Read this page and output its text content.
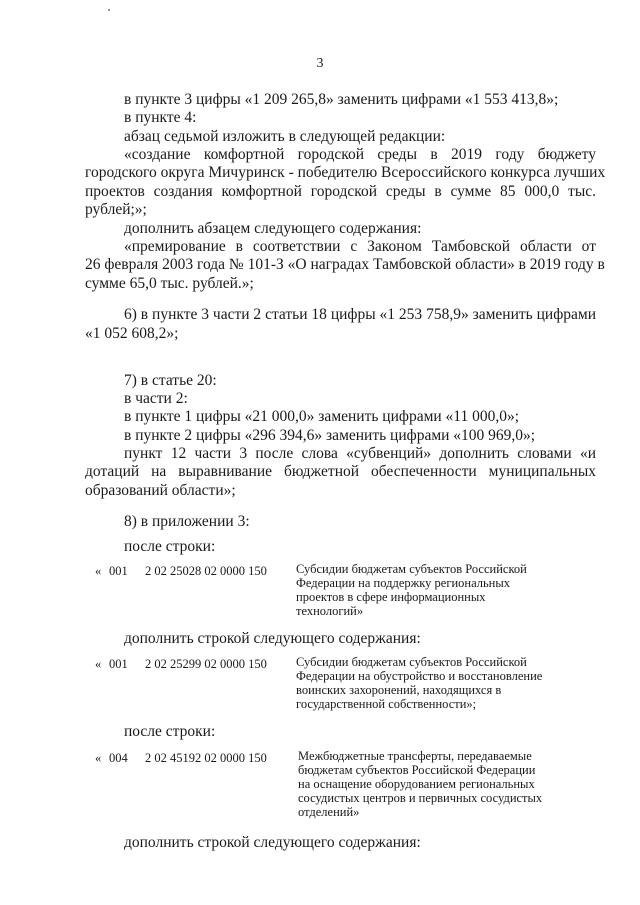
3
в пункте 3 цифры «1 209 265,8» заменить цифрами «1 553 413,8»;
в пункте 4:
абзац седьмой изложить в следующей редакции:
«создание комфортной городской среды в 2019 году бюджету
городского округа Мичуринск - победителю Всероссийского конкурса лучших
проектов создания комфортной городской среды в сумме 85 000,0 тыс.
рублей;»;
дополнить абзацем следующего содержания:
«премирование в соответствии с Законом Тамбовской области от
26 февраля 2003 года № 101-З «О наградах Тамбовской области» в 2019 году в
сумме 65,0 тыс. рублей.»;
6) в пункте 3 части 2 статьи 18 цифры «1 253 758,9» заменить цифрами
«1 052 608,2»;
7) в статье 20:
в части 2:
в пункте 1 цифры «21 000,0» заменить цифрами «11 000,0»;
в пункте 2 цифры «296 394,6» заменить цифрами «100 969,0»;
пункт 12 части 3 после слова «субвенций» дополнить словами «и
дотаций на выравнивание бюджетной обеспеченности муниципальных
образований области»;
8) в приложении 3:
после строки:
« 001 2 02 25028 02 0000 150 Субсидии бюджетам субъектов Российской
Федерации на поддержку региональных
проектов в сфере информационных
технологий»
дополнить строкой следующего содержания:
« 001 2 02 25299 02 0000 150 Субсидии бюджетам субъектов Российской
Федерации на обустройство и восстановление
воинских захоронений, находящихся в
государственной собственности»;
после строки:
« 004 2 02 45192 02 0000 150 Межбюджетные трансферты, передаваемые
бюджетам субъектов Российской Федерации
на оснащение оборудованием региональных
сосудистых центров и первичных сосудистых
отделений»
дополнить строкой следующего содержания:
